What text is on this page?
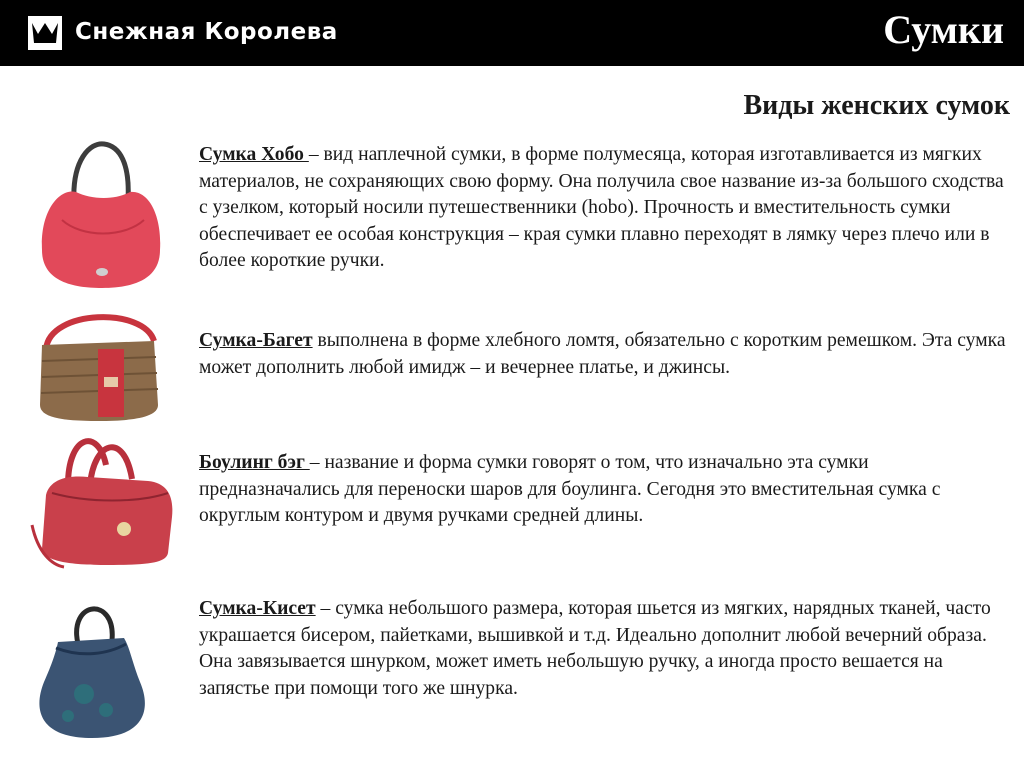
Снежная Королева	Сумки
Виды женских сумок
Сумка Хобо – вид наплечной сумки, в форме полумесяца, которая изготавливается из мягких материалов, не сохраняющих свою форму. Она получила свое название из-за большого сходства с узелком, который носили путешественники (hobo). Прочность и вместительность сумки обеспечивает ее особая конструкция – края сумки плавно переходят в лямку через плечо или в более короткие ручки.
Сумка-Багет выполнена в форме хлебного ломтя, обязательно с коротким ремешком. Эта сумка может дополнить любой имидж – и вечернее платье, и джинсы.
Боулинг бэг – название и форма сумки говорят о том, что изначально эта сумки предназначались для переноски шаров для боулинга. Сегодня это вместительная сумка с округлым контуром и двумя ручками средней длины.
Сумка-Кисет – сумка небольшого размера, которая шьется из мягких, нарядных тканей, часто украшается бисером, пайетками, вышивкой и т.д. Идеально дополнит любой вечерний образа. Она завязывается шнурком, может иметь небольшую ручку, а иногда просто вешается на запястье при помощи того же шнурка.
